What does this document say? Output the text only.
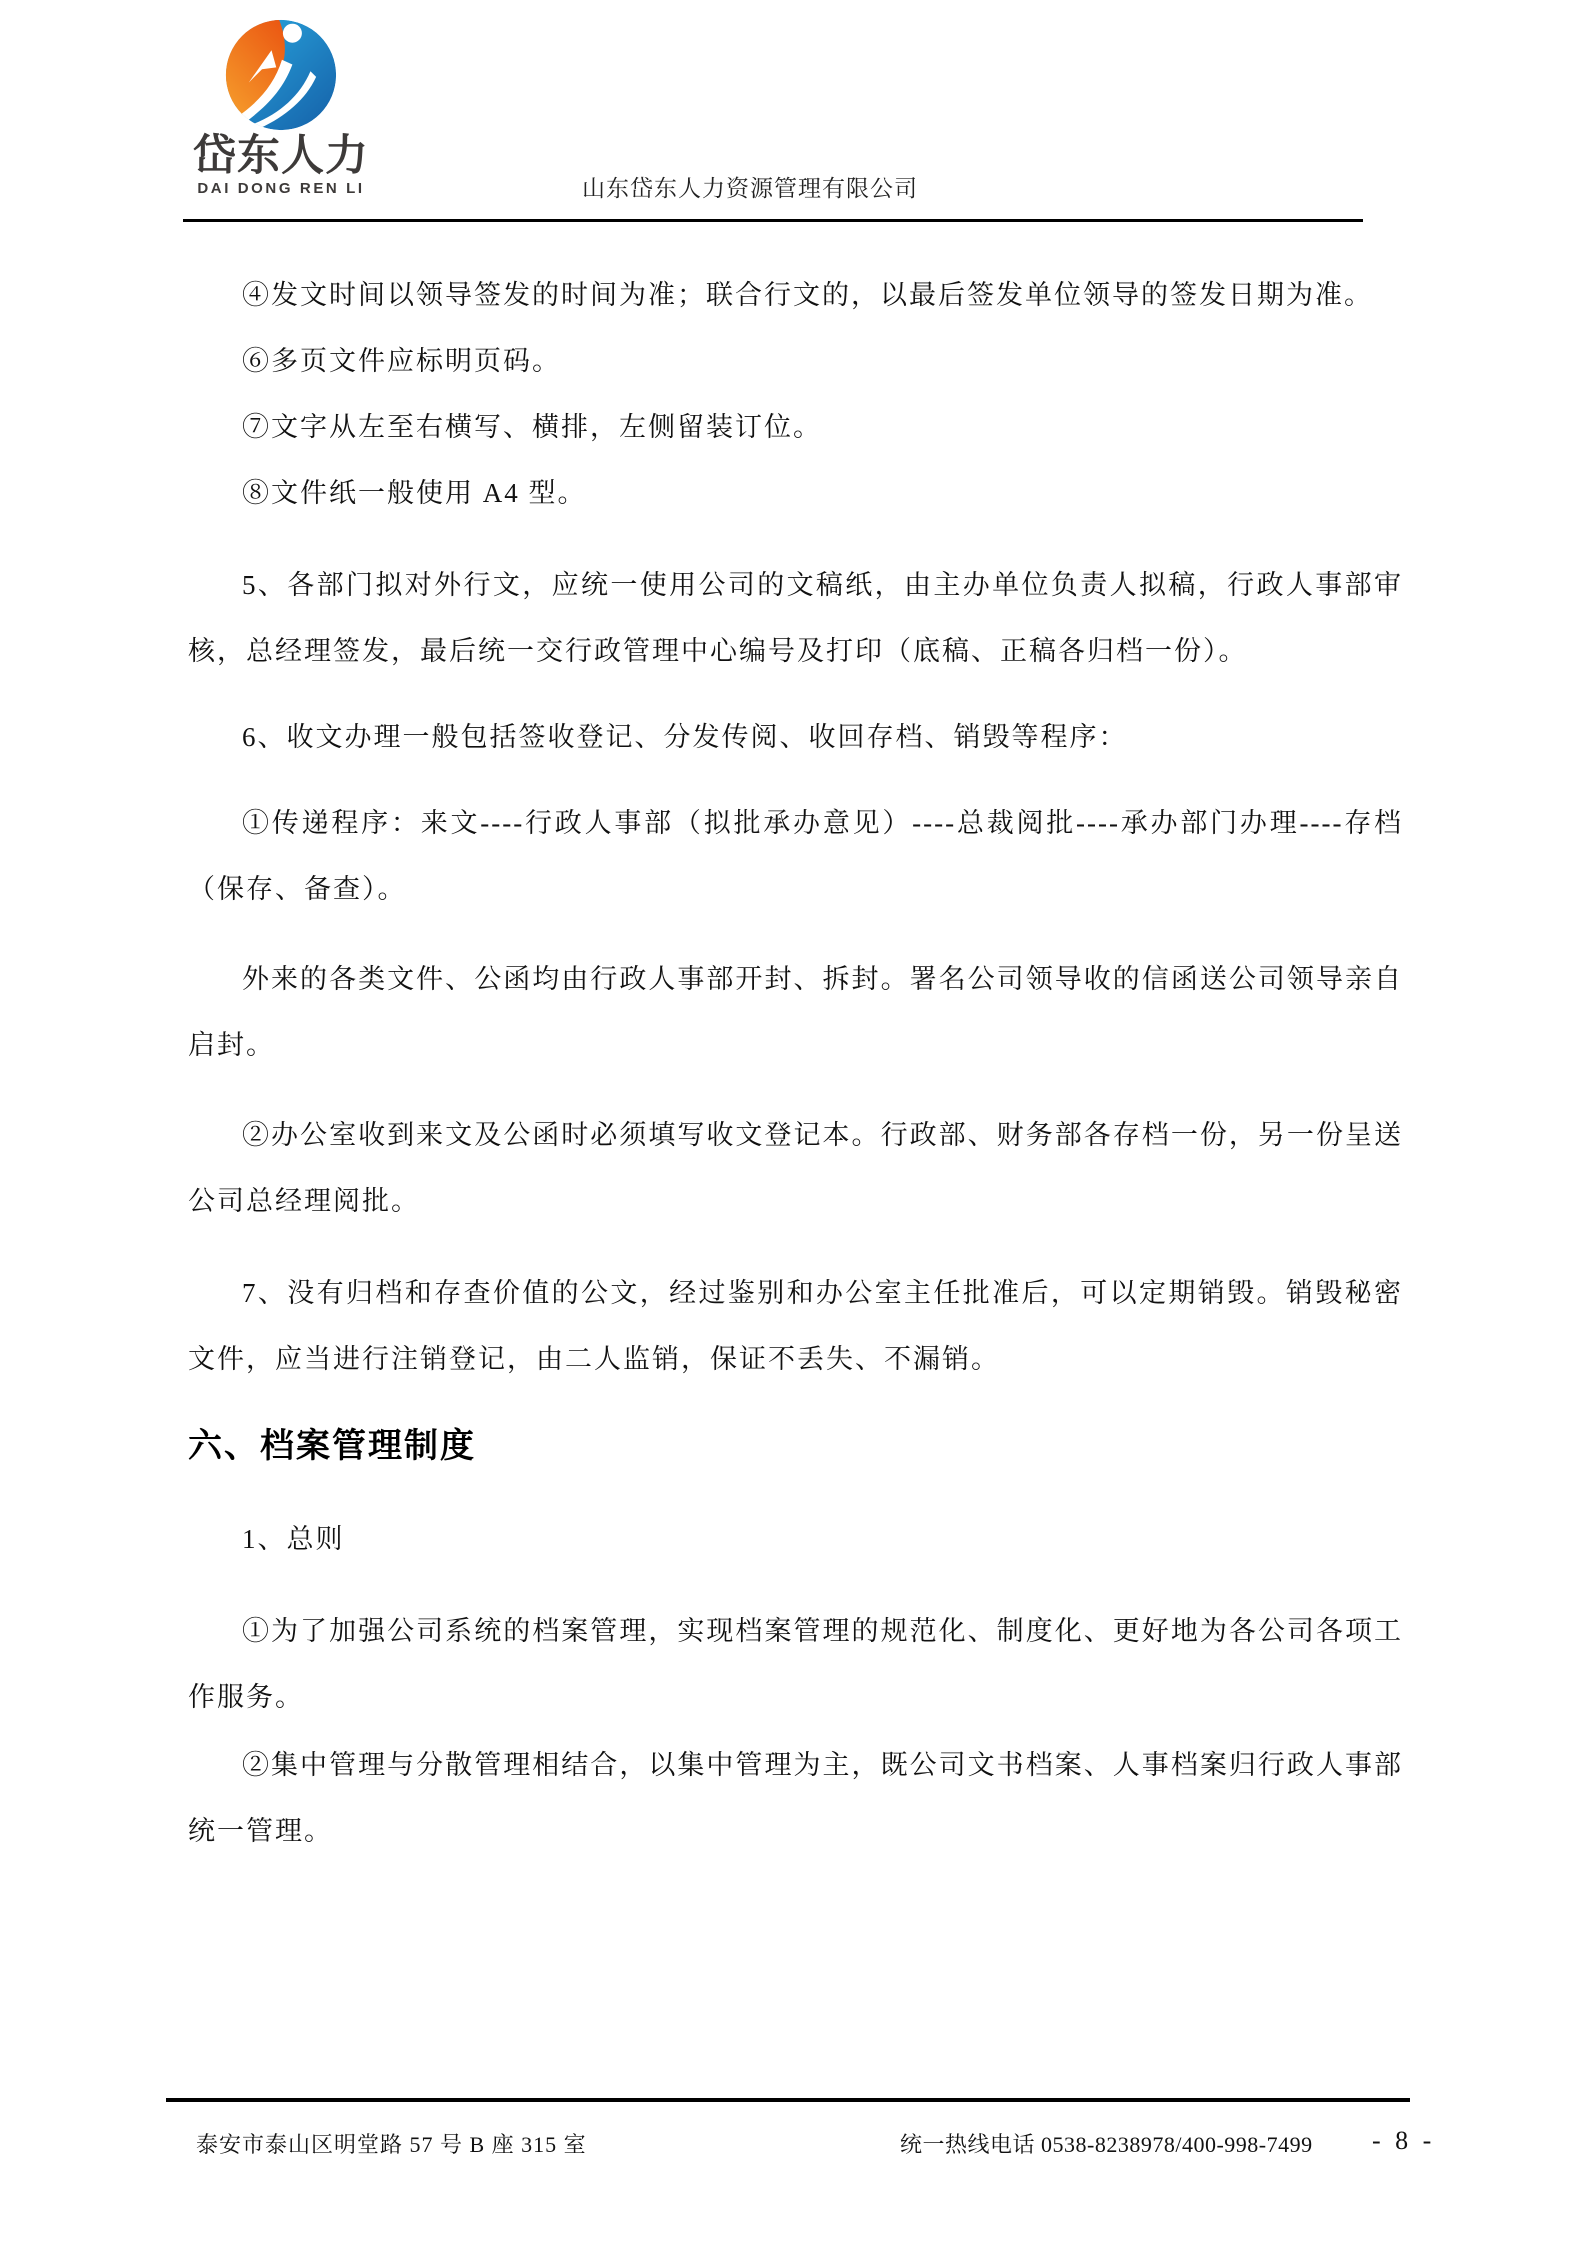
岱东人力
DAI DONG REN LI	山东岱东人力资源管理有限公司
④发文时间以领导签发的时间为准；联合行文的，以最后签发单位领导的签发日期为准。
⑥多页文件应标明页码。
⑦文字从左至右横写、横排，左侧留装订位。
⑧文件纸一般使用 A4 型。
5、各部门拟对外行文，应统一使用公司的文稿纸，由主办单位负责人拟稿，行政人事部审核，总经理签发，最后统一交行政管理中心编号及打印（底稿、正稿各归档一份）。
6、收文办理一般包括签收登记、分发传阅、收回存档、销毁等程序：
①传递程序：来文----行政人事部（拟批承办意见）----总裁阅批----承办部门办理----存档（保存、备查）。
外来的各类文件、公函均由行政人事部开封、拆封。署名公司领导收的信函送公司领导亲自启封。
②办公室收到来文及公函时必须填写收文登记本。行政部、财务部各存档一份，另一份呈送公司总经理阅批。
7、没有归档和存查价值的公文，经过鉴别和办公室主任批准后，可以定期销毁。销毁秘密文件，应当进行注销登记，由二人监销，保证不丢失、不漏销。
六、档案管理制度
1、总则
①为了加强公司系统的档案管理，实现档案管理的规范化、制度化、更好地为各公司各项工作服务。
②集中管理与分散管理相结合，以集中管理为主，既公司文书档案、人事档案归行政人事部统一管理。
泰安市泰山区明堂路 57 号 B 座 315 室	统一热线电话 0538-8238978/400-998-7499 - 8 -
